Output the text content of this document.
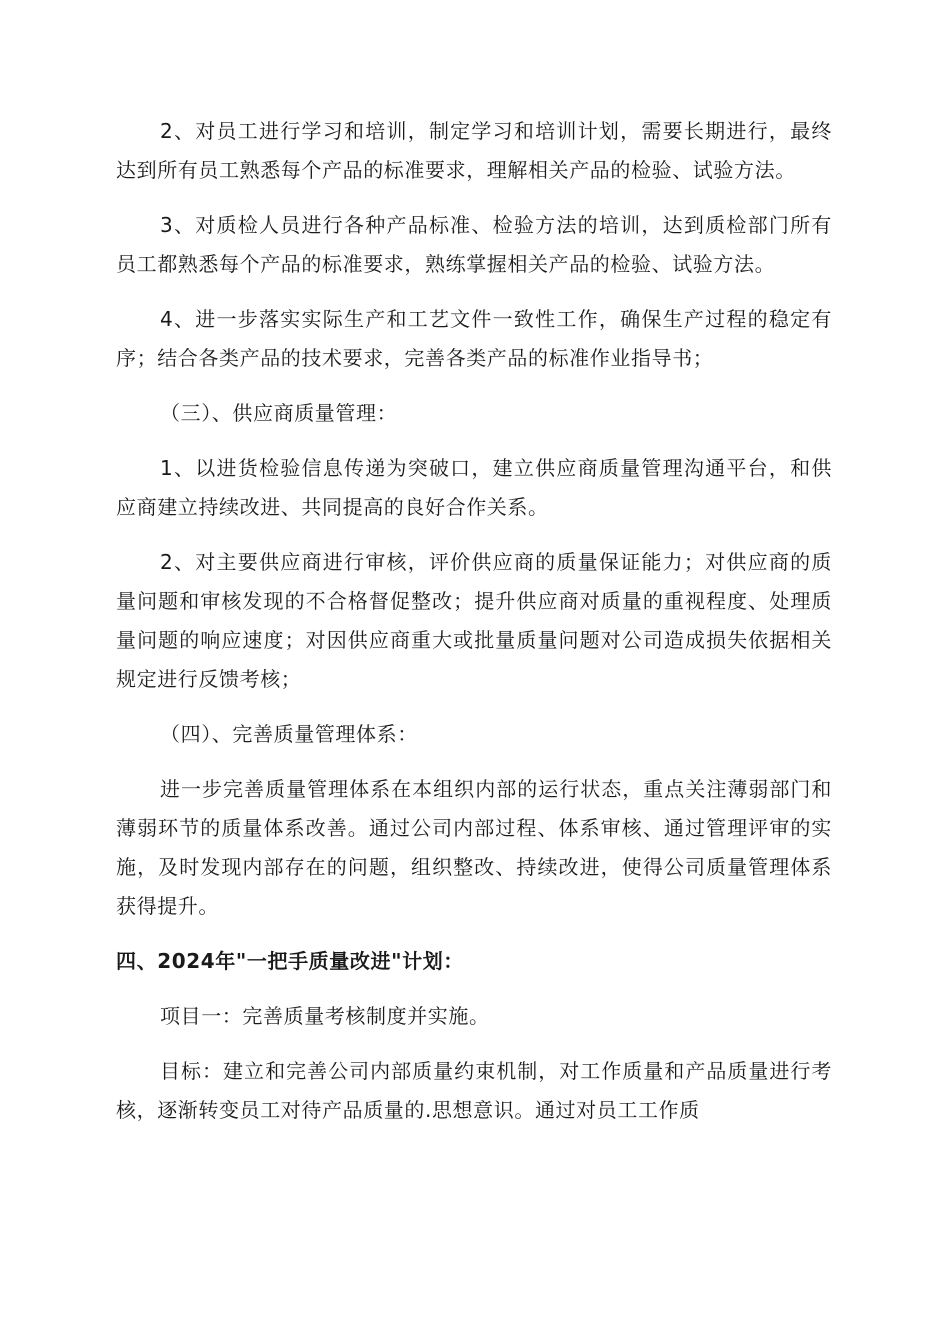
2、对员工进行学习和培训，制定学习和培训计划，需要长期进行，最终达到所有员工熟悉每个产品的标准要求，理解相关产品的检验、试验方法。

3、对质检人员进行各种产品标准、检验方法的培训，达到质检部门所有员工都熟悉每个产品的标准要求，熟练掌握相关产品的检验、试验方法。

4、进一步落实实际生产和工艺文件一致性工作，确保生产过程的稳定有序；结合各类产品的技术要求，完善各类产品的标准作业指导书；

（三）、供应商质量管理：

1、以进货检验信息传递为突破口，建立供应商质量管理沟通平台，和供应商建立持续改进、共同提高的良好合作关系。

2、对主要供应商进行审核，评价供应商的质量保证能力；对供应商的质量问题和审核发现的不合格督促整改；提升供应商对质量的重视程度、处理质量问题的响应速度；对因供应商重大或批量质量问题对公司造成损失依据相关规定进行反馈考核；

（四）、完善质量管理体系：

进一步完善质量管理体系在本组织内部的运行状态，重点关注薄弱部门和薄弱环节的质量体系改善。通过公司内部过程、体系审核、通过管理评审的实施，及时发现内部存在的问题，组织整改、持续改进，使得公司质量管理体系获得提升。

四、2024年"一把手质量改进"计划：

项目一：完善质量考核制度并实施。

目标：建立和完善公司内部质量约束机制，对工作质量和产品质量进行考核，逐渐转变员工对待产品质量的.思想意识。通过对员工工作质
